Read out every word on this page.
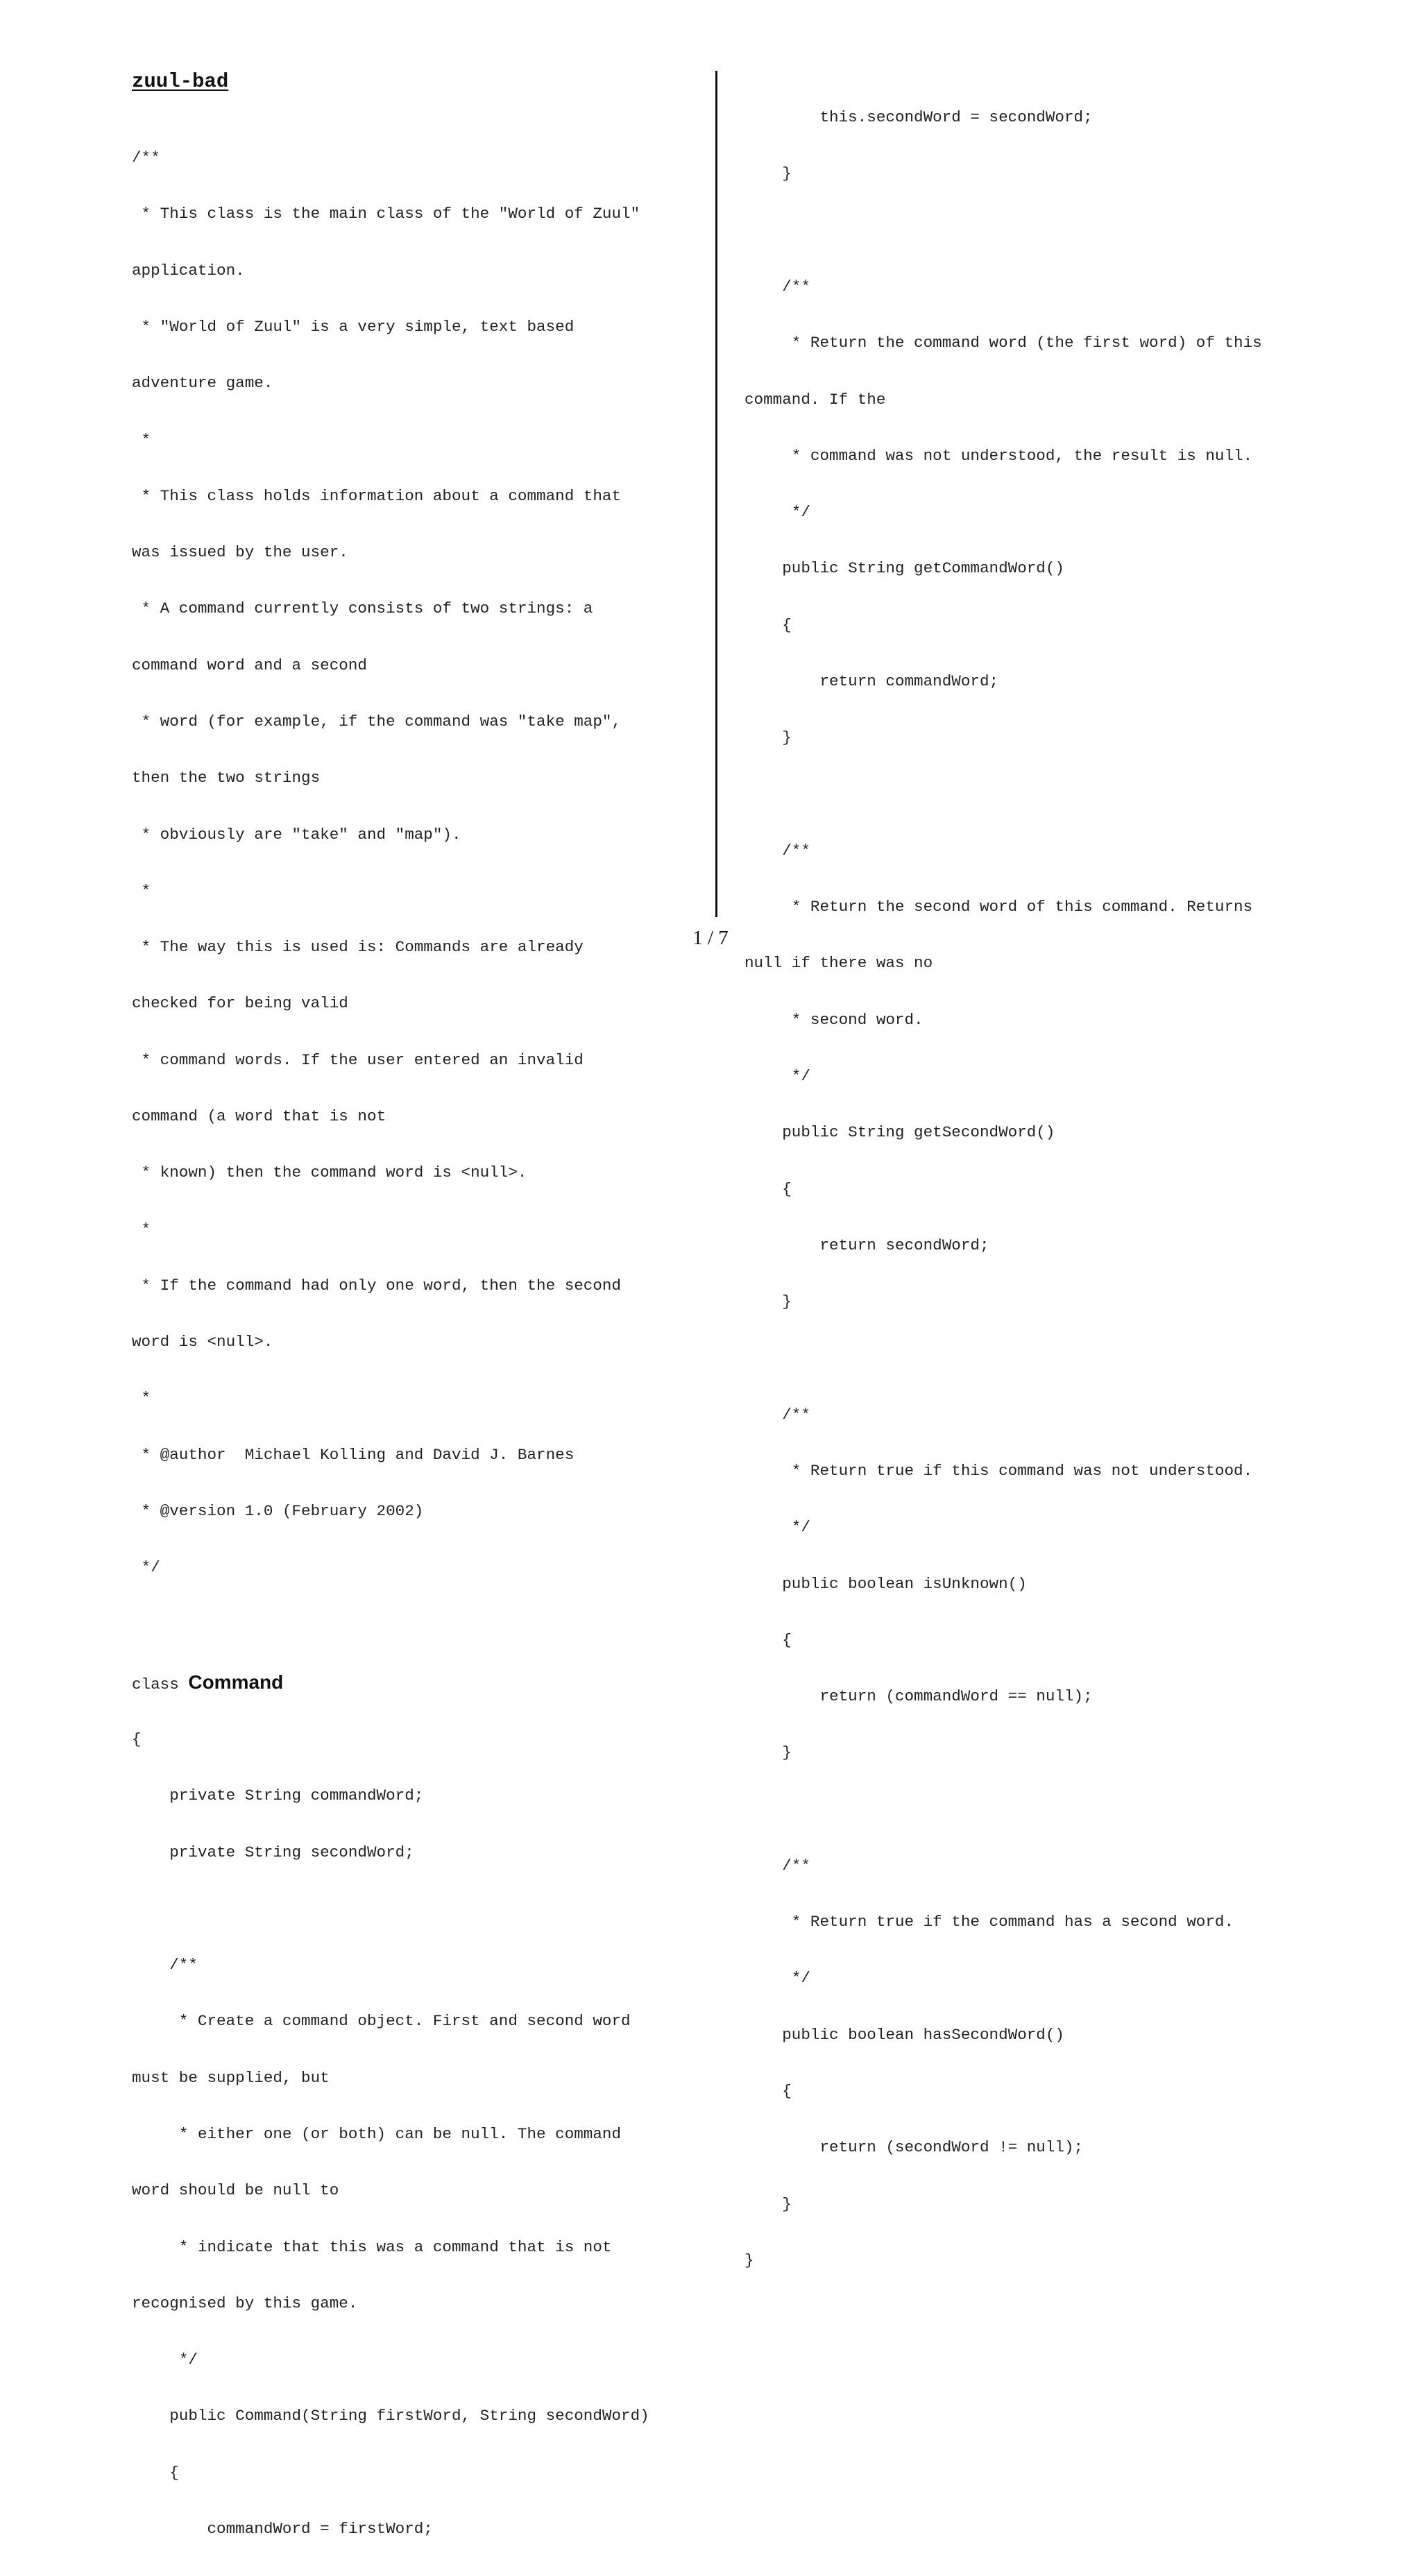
zuul-bad

/**

* This class is the main class of the "World of Zuul"

application.

* "World of Zuul" is a very simple, text based

adventure game.

*

* This class holds information about a command that

was issued by the user.

* A command currently consists of two strings: a

command word and a second

* word (for example, if the command was "take map",

then the two strings

* obviously are "take" and "map").

*

* The way this is used is: Commands are already

checked for being valid

* command words. If the user entered an invalid

command (a word that is not

* known) then the command word is <null>.

*

* If the command had only one word, then the second

word is <null>.

*

* @author  Michael Kolling and David J. Barnes

* @version 1.0 (February 2002)

*/

class Command

{

private String commandWord;

private String secondWord;

/**

* Create a command object. First and second word

must be supplied, but

* either one (or both) can be null. The command

word should be null to

* indicate that this was a command that is not

recognised by this game.

*/

public Command(String firstWord, String secondWord)

{

commandWord = firstWord;

this.secondWord = secondWord;

}

/**

* Return the command word (the first word) of this

command. If the

* command was not understood, the result is null.

*/

public String getCommandWord()

{

return commandWord;

}

/**

* Return the second word of this command. Returns

null if there was no

* second word.

*/

public String getSecondWord()

{

return secondWord;

}

/**

* Return true if this command was not understood.

*/

public boolean isUnknown()

{

return (commandWord == null);

}

/**

* Return true if the command has a second word.

*/

public boolean hasSecondWord()

{

return (secondWord != null);

}

}

1 / 7
